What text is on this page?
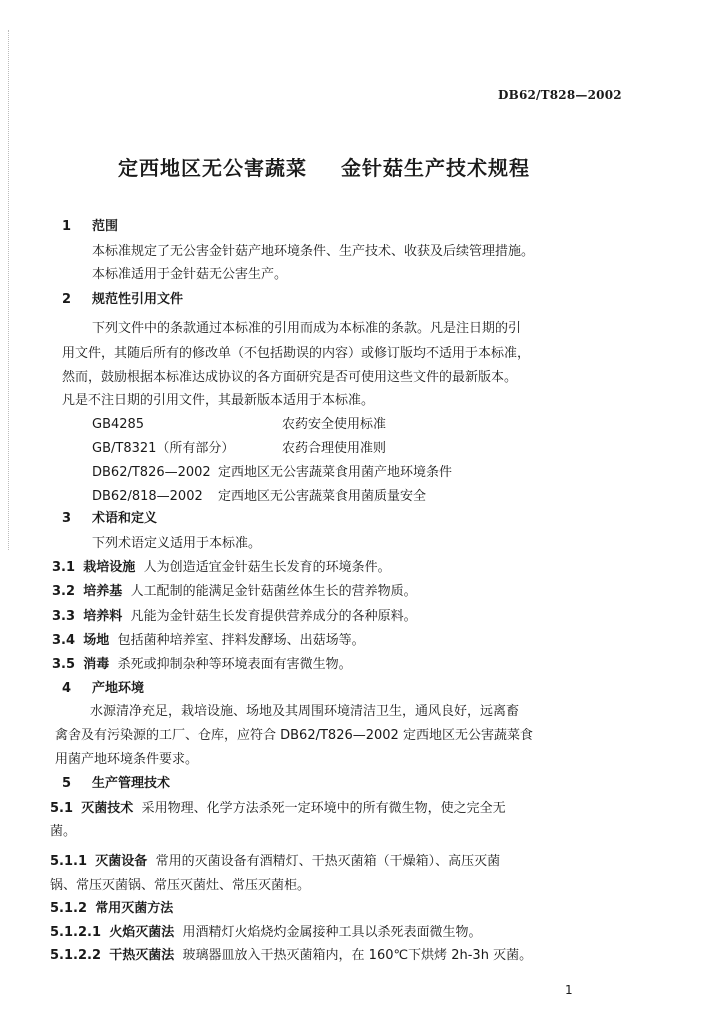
DB62/T828—2002
定西地区无公害蔬菜 金针菇生产技术规程
1 范围
本标准规定了无公害金针菇产地环境条件、生产技术、收获及后续管理措施。
本标准适用于金针菇无公害生产。
2 规范性引用文件
下列文件中的条款通过本标准的引用而成为本标准的条款。凡是注日期的引
用文件，其随后所有的修改单（不包括勘误的内容）或修订版均不适用于本标准，
然而，鼓励根据本标准达成协议的各方面研究是否可使用这些文件的最新版本。
凡是不注日期的引用文件，其最新版本适用于本标准。
GB4285	农药安全使用标准
GB/T8321（所有部分）	农药合理使用准则
DB62/T826—2002 定西地区无公害蔬菜食用菌产地环境条件
DB62/818—2002 定西地区无公害蔬菜食用菌质量安全
3 术语和定义
下列术语定义适用于本标准。
3.1 栽培设施 人为创造适宜金针菇生长发育的环境条件。
3.2 培养基 人工配制的能满足金针菇菌丝体生长的营养物质。
3.3 培养料 凡能为金针菇生长发育提供营养成分的各种原料。
3.4 场地 包括菌种培养室、拌料发酵场、出菇场等。
3.5 消毒 杀死或抑制杂种等环境表面有害微生物。
4 产地环境
水源清净充足，栽培设施、场地及其周围环境清洁卫生，通风良好，远离畜
禽舍及有污染源的工厂、仓库，应符合 DB62/T826—2002 定西地区无公害蔬菜食
用菌产地环境条件要求。
5 生产管理技术
5.1 灭菌技术 采用物理、化学方法杀死一定环境中的所有微生物，使之完全无
菌。
5.1.1 灭菌设备 常用的灭菌设备有酒精灯、干热灭菌箱（干燥箱）、高压灭菌
锅、常压灭菌锅、常压灭菌灶、常压灭菌柜。
5.1.2 常用灭菌方法
5.1.2.1 火焰灭菌法 用酒精灯火焰烧灼金属接种工具以杀死表面微生物。
5.1.2.2 干热灭菌法 玻璃器皿放入干热灭菌箱内，在 160℃下烘烤 2h-3h 灭菌。
1
